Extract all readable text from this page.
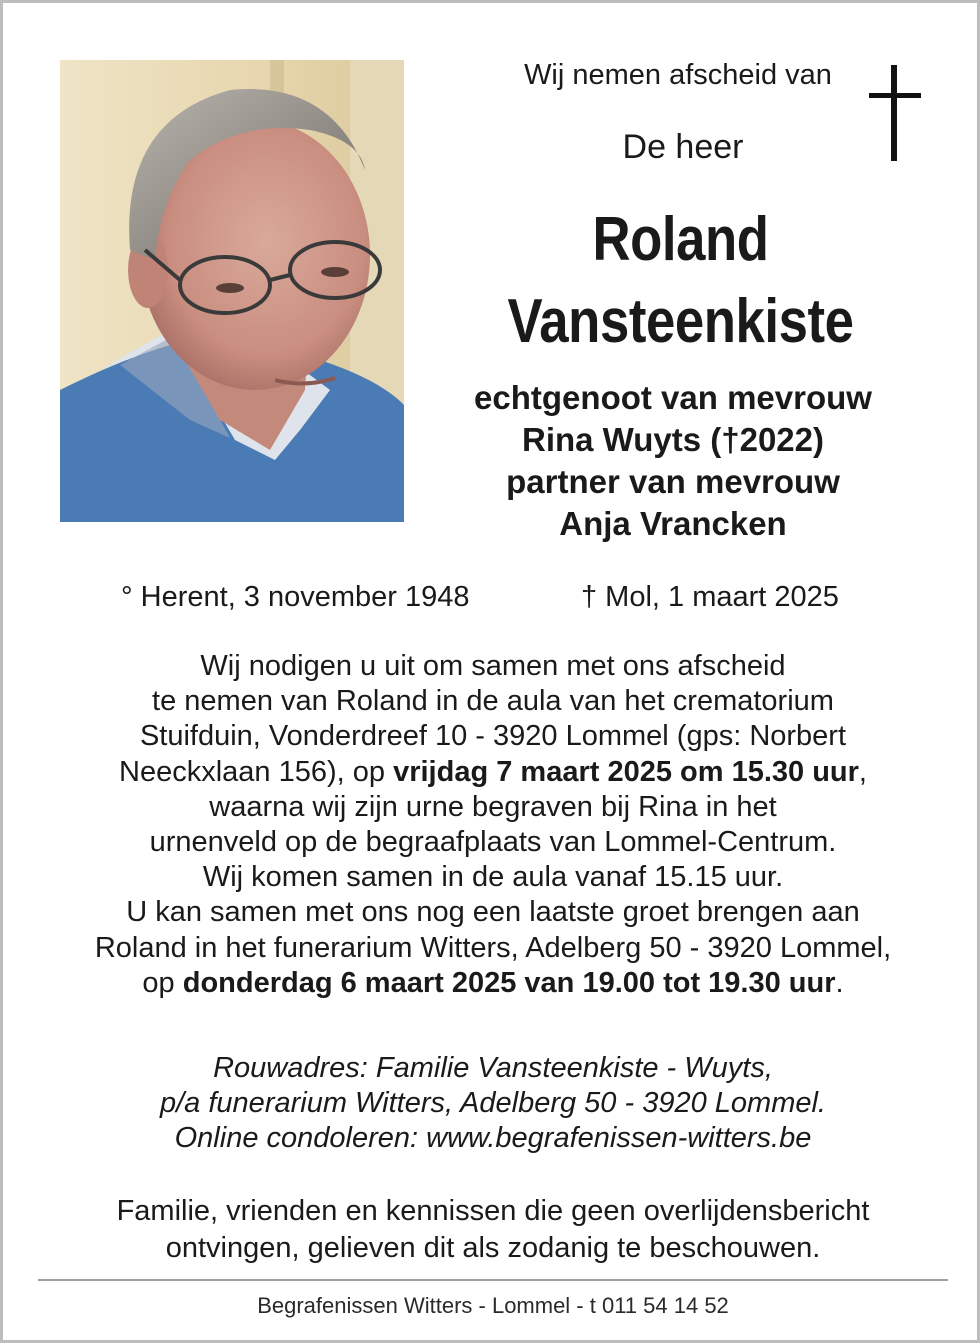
Wij nemen afscheid van
De heer
Roland
Vansteenkiste
echtgenoot van mevrouw
Rina Wuyts (†2022)
partner van mevrouw
Anja Vrancken
° Herent, 3 november 1948	† Mol, 1 maart 2025

Wij nodigen u uit om samen met ons afscheid

te nemen van Roland in de aula van het crematorium

Stuifduin, Vonderdreef 10 - 3920 Lommel (gps: Norbert

Neeckxlaan 156), op vrijdag 7 maart 2025 om 15.30 uur,

waarna wij zijn urne begraven bij Rina in het

urnenveld op de begraafplaats van Lommel-Centrum.

Wij komen samen in de aula vanaf 15.15 uur.

U kan samen met ons nog een laatste groet brengen aan

Roland in het funerarium Witters, Adelberg 50 - 3920 Lommel,

op donderdag 6 maart 2025 van 19.00 tot 19.30 uur.

Rouwadres: Familie Vansteenkiste - Wuyts,

p/a funerarium Witters, Adelberg 50 - 3920 Lommel.

Online condoleren: www.begrafenissen-witters.be

Familie, vrienden en kennissen die geen overlijdensbericht

ontvingen, gelieven dit als zodanig te beschouwen.

Begrafenissen Witters - Lommel - t 011 54 14 52
